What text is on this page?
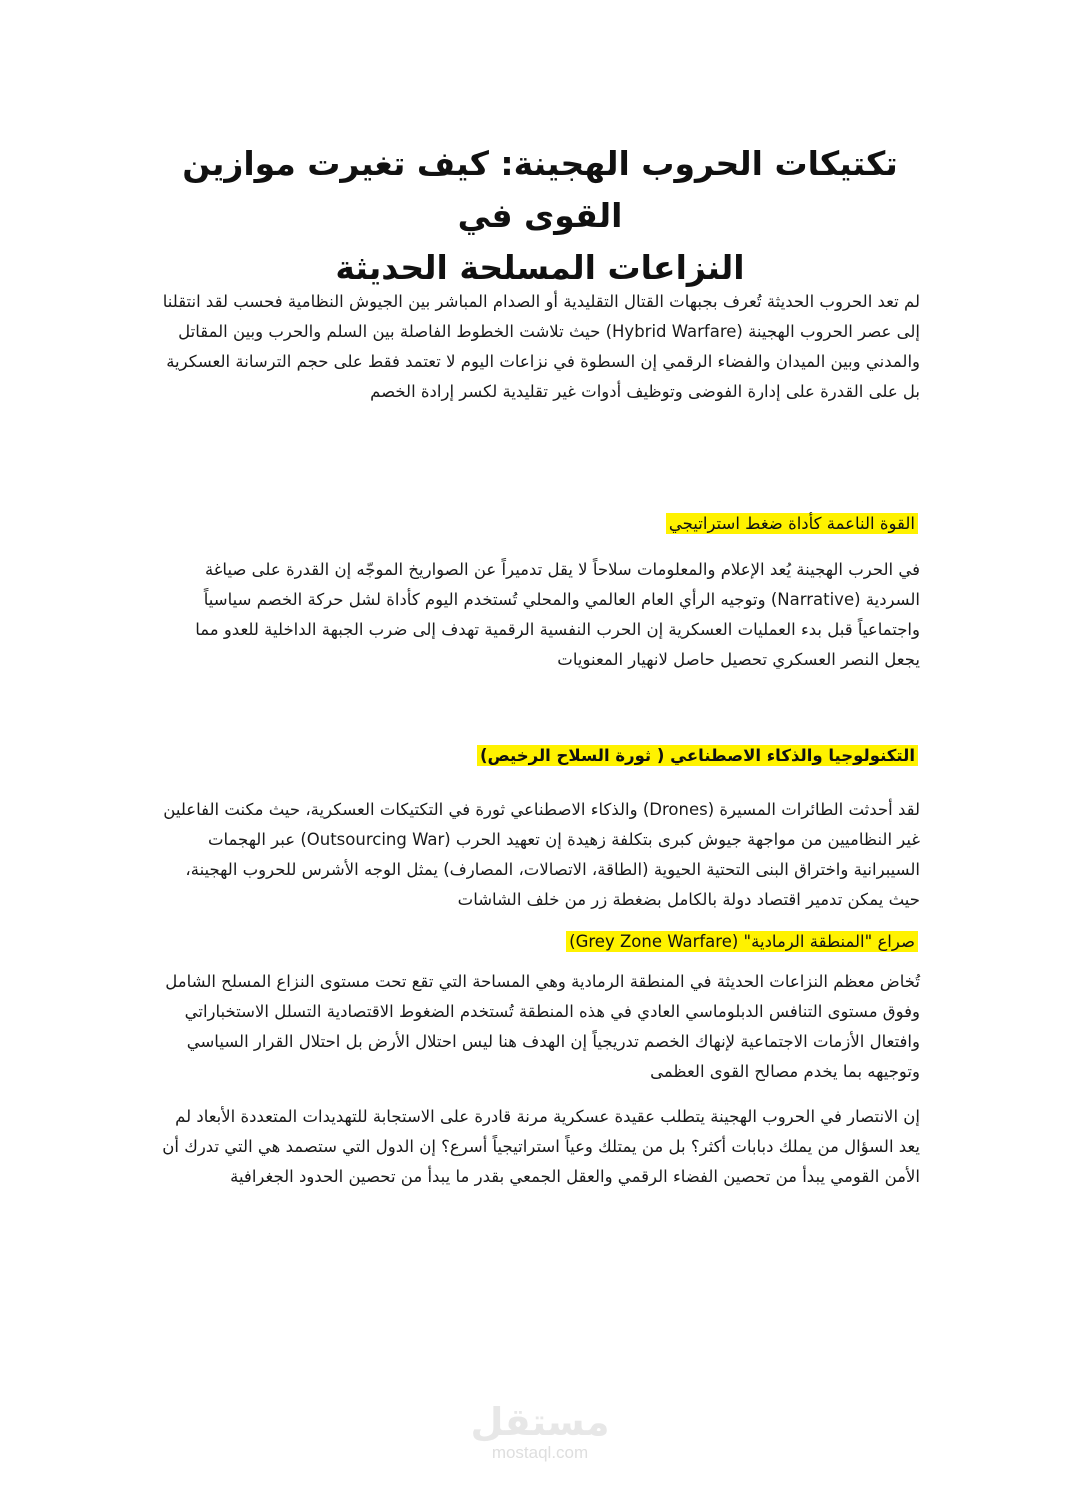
تكتيكات الحروب الهجينة: كيف تغيرت موازين القوى في
النزاعات المسلحة الحديثة

لم تعد الحروب الحديثة تُعرف بجبهات القتال التقليدية أو الصدام المباشر بين الجيوش النظامية فحسب لقد انتقلنا إلى عصر الحروب الهجينة (Hybrid Warfare) حيث تلاشت الخطوط الفاصلة بين السلم والحرب وبين المقاتل والمدني وبين الميدان والفضاء الرقمي إن السطوة في نزاعات اليوم لا تعتمد فقط على حجم الترسانة العسكرية بل على القدرة على إدارة الفوضى وتوظيف أدوات غير تقليدية لكسر إرادة الخصم

القوة الناعمة كأداة ضغط استراتيجي

في الحرب الهجينة يُعد الإعلام والمعلومات سلاحاً لا يقل تدميراً عن الصواريخ الموجّه إن القدرة على صياغة السردية (Narrative) وتوجيه الرأي العام العالمي والمحلي تُستخدم اليوم كأداة لشل حركة الخصم سياسياً واجتماعياً قبل بدء العمليات العسكرية إن الحرب النفسية الرقمية تهدف إلى ضرب الجبهة الداخلية للعدو مما يجعل النصر العسكري تحصيل حاصل لانهيار المعنويات

التكنولوجيا والذكاء الاصطناعي ( ثورة السلاح الرخيص)

لقد أحدثت الطائرات المسيرة (Drones) والذكاء الاصطناعي ثورة في التكتيكات العسكرية، حيث مكنت الفاعلين غير النظاميين من مواجهة جيوش كبرى بتكلفة زهيدة إن تعهيد الحرب (Outsourcing War) عبر الهجمات السيبرانية واختراق البنى التحتية الحيوية (الطاقة، الاتصالات، المصارف) يمثل الوجه الأشرس للحروب الهجينة، حيث يمكن تدمير اقتصاد دولة بالكامل بضغطة زر من خلف الشاشات

صراع "المنطقة الرمادية" (Grey Zone Warfare)

تُخاض معظم النزاعات الحديثة في المنطقة الرمادية وهي المساحة التي تقع تحت مستوى النزاع المسلح الشامل وفوق مستوى التنافس الدبلوماسي العادي في هذه المنطقة تُستخدم الضغوط الاقتصادية التسلل الاستخباراتي وافتعال الأزمات الاجتماعية لإنهاك الخصم تدريجياً إن الهدف هنا ليس احتلال الأرض بل احتلال القرار السياسي وتوجيهه بما يخدم مصالح القوى العظمى

إن الانتصار في الحروب الهجينة يتطلب عقيدة عسكرية مرنة قادرة على الاستجابة للتهديدات المتعددة الأبعاد لم يعد السؤال من يملك دبابات أكثر؟ بل من يمتلك وعياً استراتيجياً أسرع؟ إن الدول التي ستصمد هي التي تدرك أن الأمن القومي يبدأ من تحصين الفضاء الرقمي والعقل الجمعي بقدر ما يبدأ من تحصين الحدود الجغرافية

مستقل
mostaql.com
